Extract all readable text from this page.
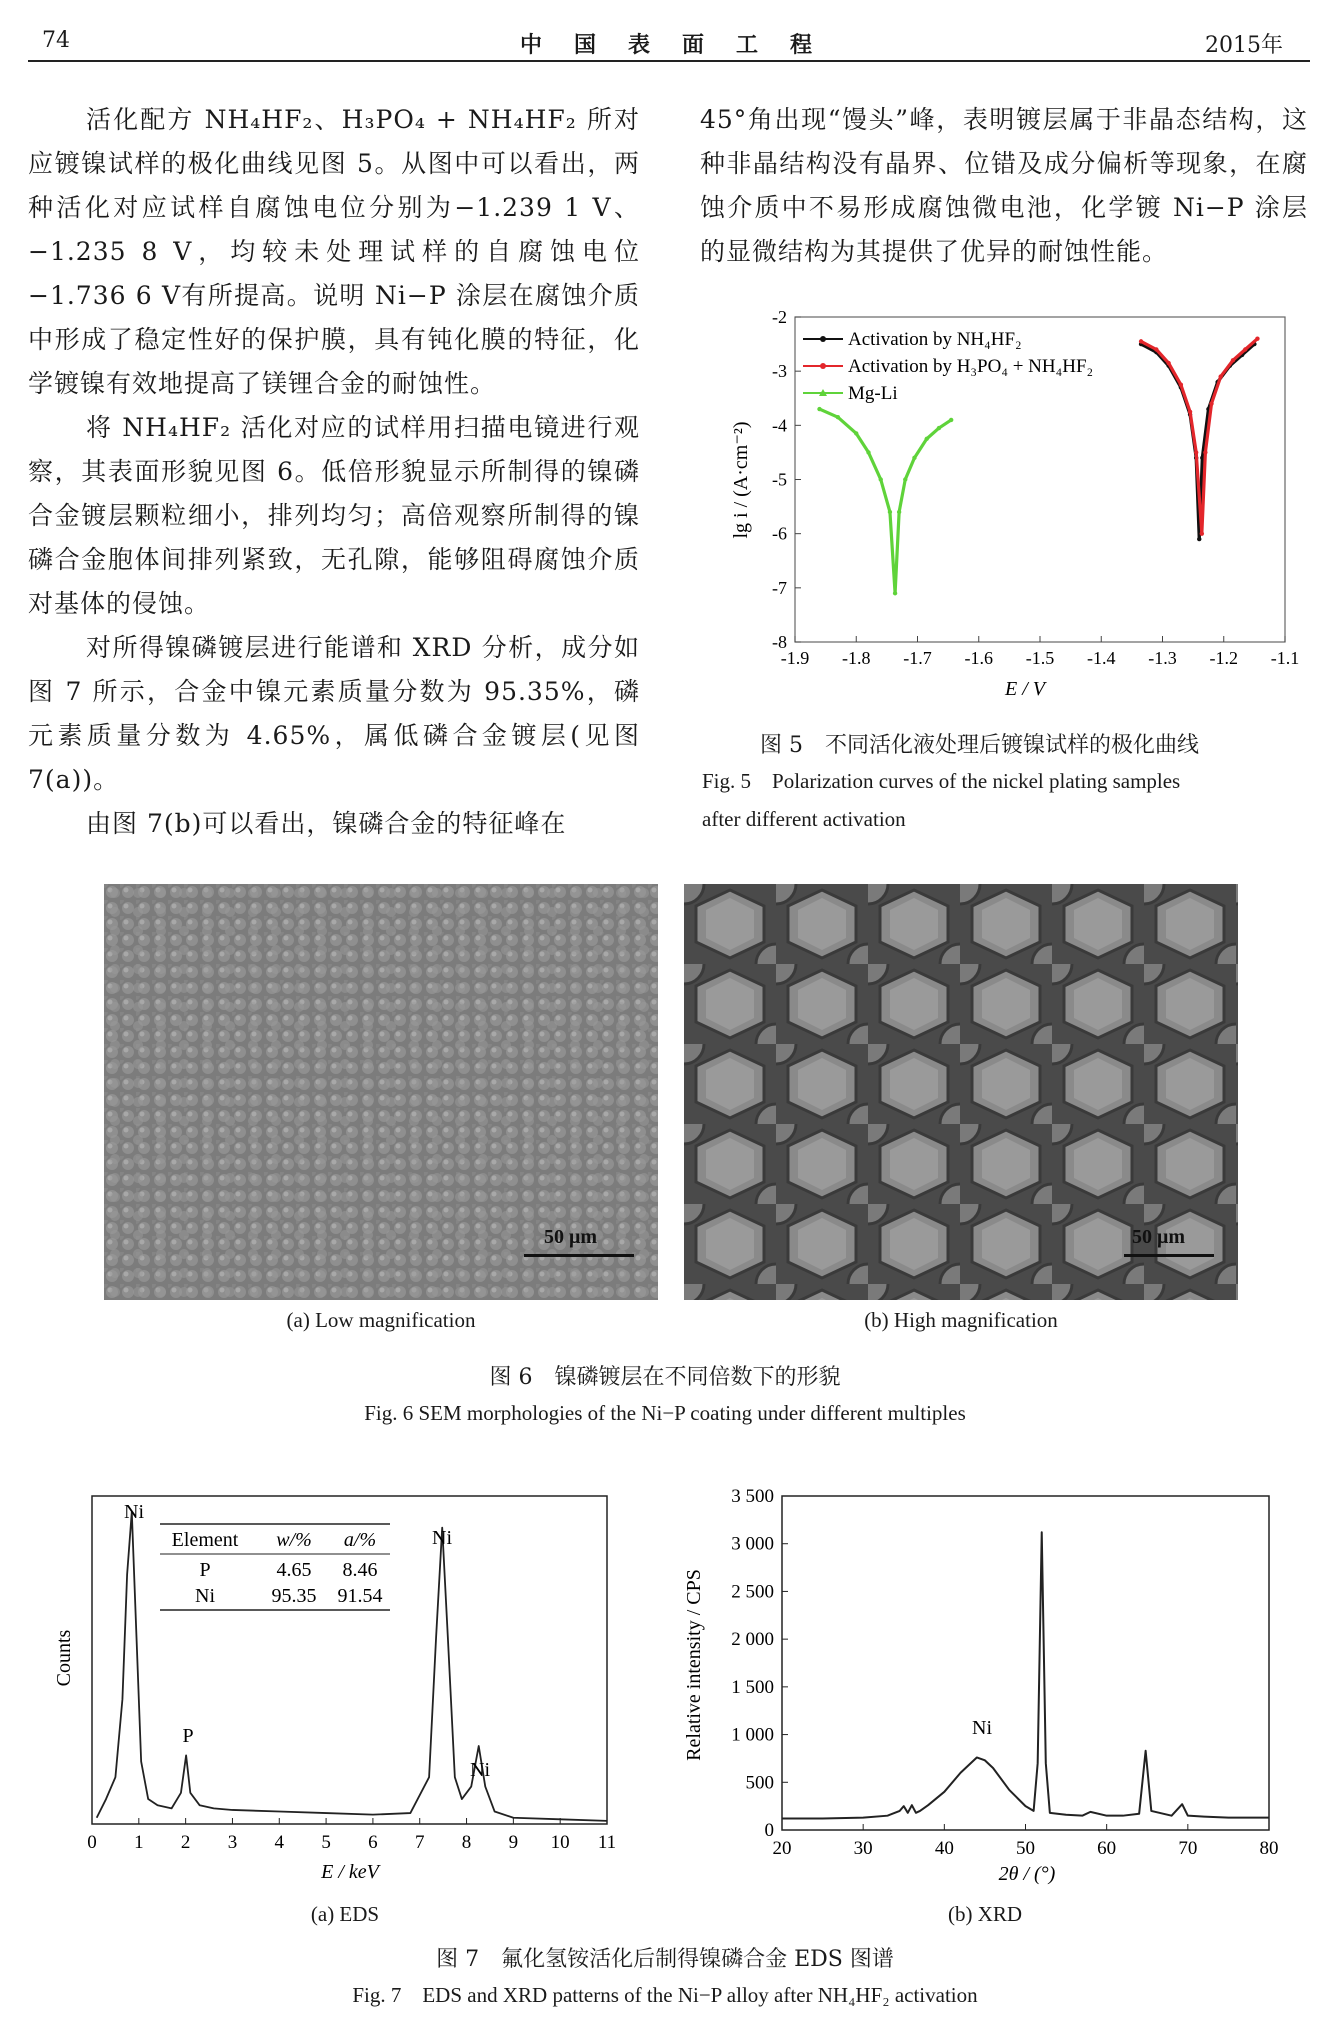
74	中国表面工程	2015年

活化配方 NH₄HF₂、H₃PO₄ + NH₄HF₂ 所对应镀镍试样的极化曲线见图 5。从图中可以看出，两种活化对应试样自腐蚀电位分别为−1.239 1 V、−1.235 8 V，均较未处理试样的自腐蚀电位−1.736 6 V有所提高。说明 Ni−P 涂层在腐蚀介质中形成了稳定性好的保护膜，具有钝化膜的特征，化学镀镍有效地提高了镁锂合金的耐蚀性。

将 NH₄HF₂ 活化对应的试样用扫描电镜进行观察，其表面形貌见图 6。低倍形貌显示所制得的镍磷合金镀层颗粒细小，排列均匀；高倍观察所制得的镍磷合金胞体间排列紧致，无孔隙，能够阻碍腐蚀介质对基体的侵蚀。

对所得镍磷镀层进行能谱和 XRD 分析，成分如图 7 所示，合金中镍元素质量分数为 95.35%，磷元素质量分数为 4.65%，属低磷合金镀层(见图 7(a))。

由图 7(b)可以看出，镍磷合金的特征峰在

45°角出现“馒头”峰，表明镀层属于非晶态结构，这种非晶结构没有晶界、位错及成分偏析等现象，在腐蚀介质中不易形成腐蚀微电池，化学镀 Ni−P 涂层的显微结构为其提供了优异的耐蚀性能。

-1.9 -1.8 -1.7 -1.6 -1.5 -1.4 -1.3 -1.2 -1.1
-2
-3
-4
-5
-6
-7
-8
Activation by NH₄HF₂
Activation by H₃PO₄ + NH₄HF₂
Mg-Li
E / V
lg i / (A·cm⁻²)
图 5　不同活化液处理后镀镍试样的极化曲线
Fig. 5　Polarization curves of the nickel plating samples
after different activation
50 μm	50 μm
(a) Low magnification	(b) High magnification
图 6　镍磷镀层在不同倍数下的形貌
Fig. 6 SEM morphologies of the Ni−P coating under different multiples
0 1 2 3 4 5 6 7 8 9 10 11
Ni
P
Ni
Ni
Element w/% a/%
P	4.65 8.46
Ni	95.35 91.54
E / keV
Counts
(a) EDS
20	30	40	50	60	70	80
0
500
1 000
1 500
2 000
2 500
3 000
3 500
Ni
2θ / (°)
Relative intensity / CPS
(b) XRD
图 7　氟化氢铵活化后制得镍磷合金 EDS 图谱
Fig. 7　EDS and XRD patterns of the Ni−P alloy after NH₄HF₂ activation
